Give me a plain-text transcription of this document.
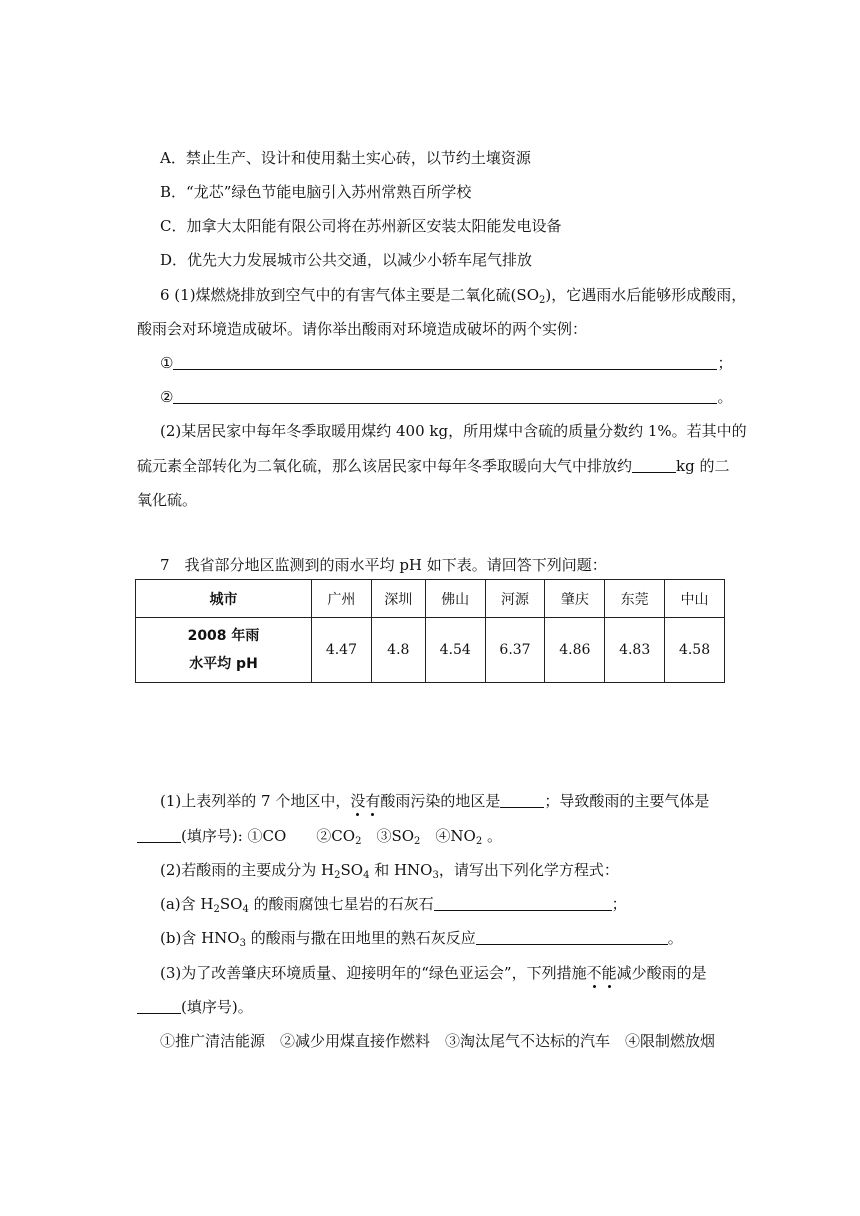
A．禁止生产、设计和使用黏土实心砖，以节约土壤资源
B．“龙芯”绿色节能电脑引入苏州常熟百所学校
C．加拿大太阳能有限公司将在苏州新区安装太阳能发电设备
D．优先大力发展城市公共交通，以减少小轿车尾气排放
6 (1)煤燃烧排放到空气中的有害气体主要是二氧化硫$(SO_2)$，它遇雨水后能够形成酸雨，
酸雨会对环境造成破坏。请你举出酸雨对环境造成破坏的两个实例：
①	；
②	。
(2)某居民家中每年冬季取暖用煤约 400 kg，所用煤中含硫的质量分数约 1%。若其中的
硫元素全部转化为二氧化硫，那么该居民家中每年冬季取暖向大气中排放约	kg 的二
氧化硫。
7　我省部分地区监测到的雨水平均 pH 如下表。请回答下列问题：
城市	广州	深圳	佛山	河源	肇庆	东莞	中山

2008 年雨
水平均 pH	4.47	4.8	4.54	6.37	4.86	4.83	4.58
(1)上表列举的 7 个地区中，没有酸雨污染的地区是	；导致酸雨的主要气体是
(填序号): ①CO　　$②CO_2$　$③SO_2$　$④NO_2$ 。
(2)若酸雨的主要成分为 $H_2SO_4$ 和 $HNO_3$，请写出下列化学方程式：
(a)含 $H_2SO_4$ 的酸雨腐蚀七星岩的石灰石	；
(b)含 $HNO_3$ 的酸雨与撒在田地里的熟石灰反应	。
(3)为了改善肇庆环境质量、迎接明年的“绿色亚运会”，下列措施不能减少酸雨的是
(填序号)。
①推广清洁能源　②减少用煤直接作燃料　③淘汰尾气不达标的汽车　④限制燃放烟
